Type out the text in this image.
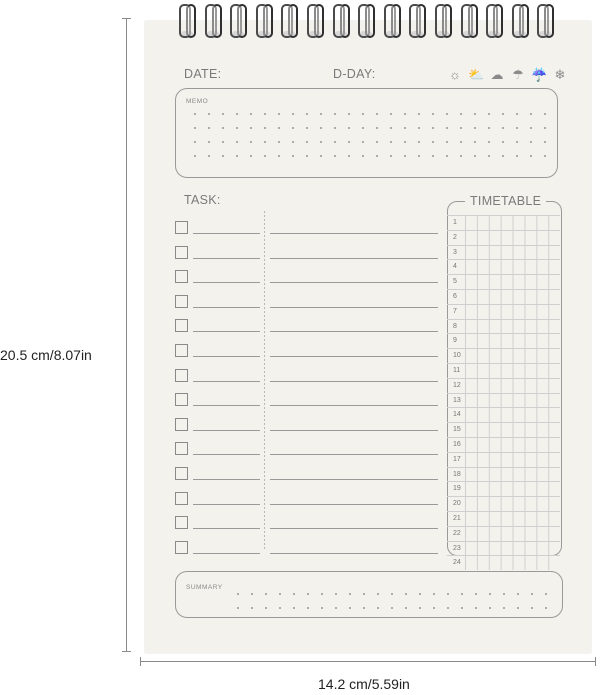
20.5 cm/8.07in
14.2 cm/5.59in
DATE:	D-DAY:	☼ ⛅ ☁ ☂ ☔ ❄
MEMO
TASK:	TIMETABLE
1
2
3
4
5
6
7
8
9
10
11
12
13
14
15
16
17
18
19
20
21
22
23
24
SUMMARY
